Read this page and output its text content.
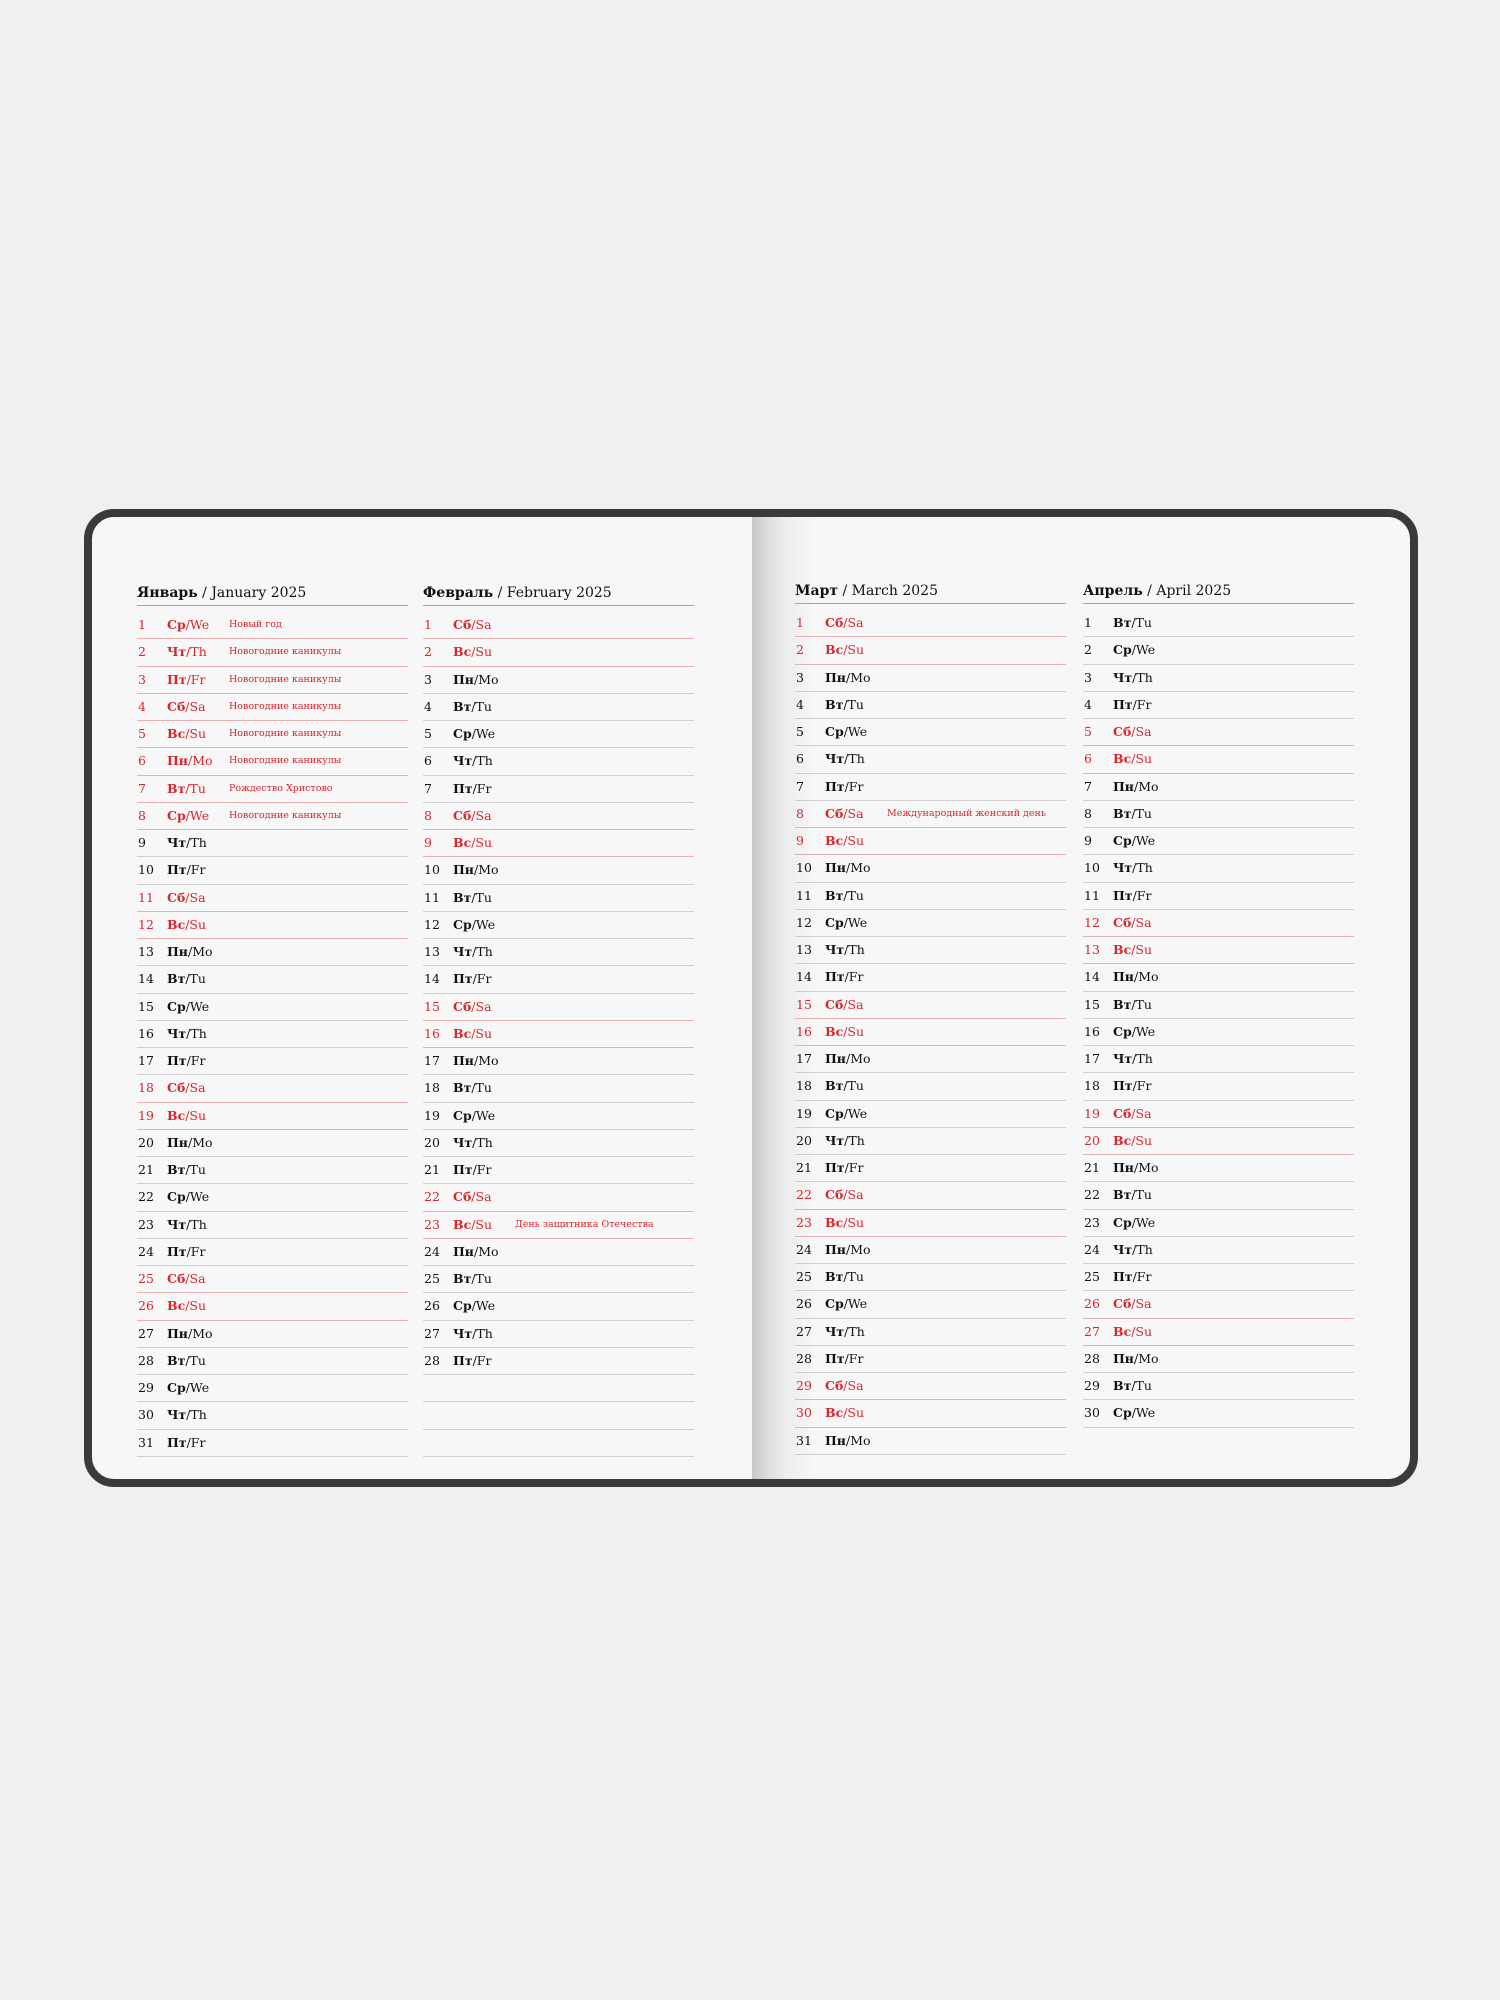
Январь / January 2025
1 Ср/We Новый год
2 Чт/Th Новогодние каникулы
3 Пт/Fr Новогодние каникулы
4 Сб/Sa Новогодние каникулы
5 Вс/Su Новогодние каникулы
6 Пн/Mo Новогодние каникулы
7 Вт/Tu Рождество Христово
8 Ср/We Новогодние каникулы
9 Чт/Th
10 Пт/Fr
11 Сб/Sa
12 Вс/Su
13 Пн/Mo
14 Вт/Tu
15 Ср/We
16 Чт/Th
17 Пт/Fr
18 Сб/Sa
19 Вс/Su
20 Пн/Mo
21 Вт/Tu
22 Ср/We
23 Чт/Th
24 Пт/Fr
25 Сб/Sa
26 Вс/Su
27 Пн/Mo
28 Вт/Tu
29 Ср/We
30 Чт/Th
31 Пт/Fr
Февраль / February 2025
1 Сб/Sa
2 Вс/Su
3 Пн/Mo
4 Вт/Tu
5 Ср/We
6 Чт/Th
7 Пт/Fr
8 Сб/Sa
9 Вс/Su
10 Пн/Mo
11 Вт/Tu
12 Ср/We
13 Чт/Th
14 Пт/Fr
15 Сб/Sa
16 Вс/Su
17 Пн/Mo
18 Вт/Tu
19 Ср/We
20 Чт/Th
21 Пт/Fr
22 Сб/Sa
23 Вс/Su День защитника Отечества
24 Пн/Mo
25 Вт/Tu
26 Ср/We
27 Чт/Th
28 Пт/Fr
Март / March 2025
1 Сб/Sa
2 Вс/Su
3 Пн/Mo
4 Вт/Tu
5 Ср/We
6 Чт/Th
7 Пт/Fr
8 Сб/Sa Международный женский день
9 Вс/Su
10 Пн/Mo
11 Вт/Tu
12 Ср/We
13 Чт/Th
14 Пт/Fr
15 Сб/Sa
16 Вс/Su
17 Пн/Mo
18 Вт/Tu
19 Ср/We
20 Чт/Th
21 Пт/Fr
22 Сб/Sa
23 Вс/Su
24 Пн/Mo
25 Вт/Tu
26 Ср/We
27 Чт/Th
28 Пт/Fr
29 Сб/Sa
30 Вс/Su
31 Пн/Mo
Апрель / April 2025
1 Вт/Tu
2 Ср/We
3 Чт/Th
4 Пт/Fr
5 Сб/Sa
6 Вс/Su
7 Пн/Mo
8 Вт/Tu
9 Ср/We
10 Чт/Th
11 Пт/Fr
12 Сб/Sa
13 Вс/Su
14 Пн/Mo
15 Вт/Tu
16 Ср/We
17 Чт/Th
18 Пт/Fr
19 Сб/Sa
20 Вс/Su
21 Пн/Mo
22 Вт/Tu
23 Ср/We
24 Чт/Th
25 Пт/Fr
26 Сб/Sa
27 Вс/Su
28 Пн/Mo
29 Вт/Tu
30 Ср/We
